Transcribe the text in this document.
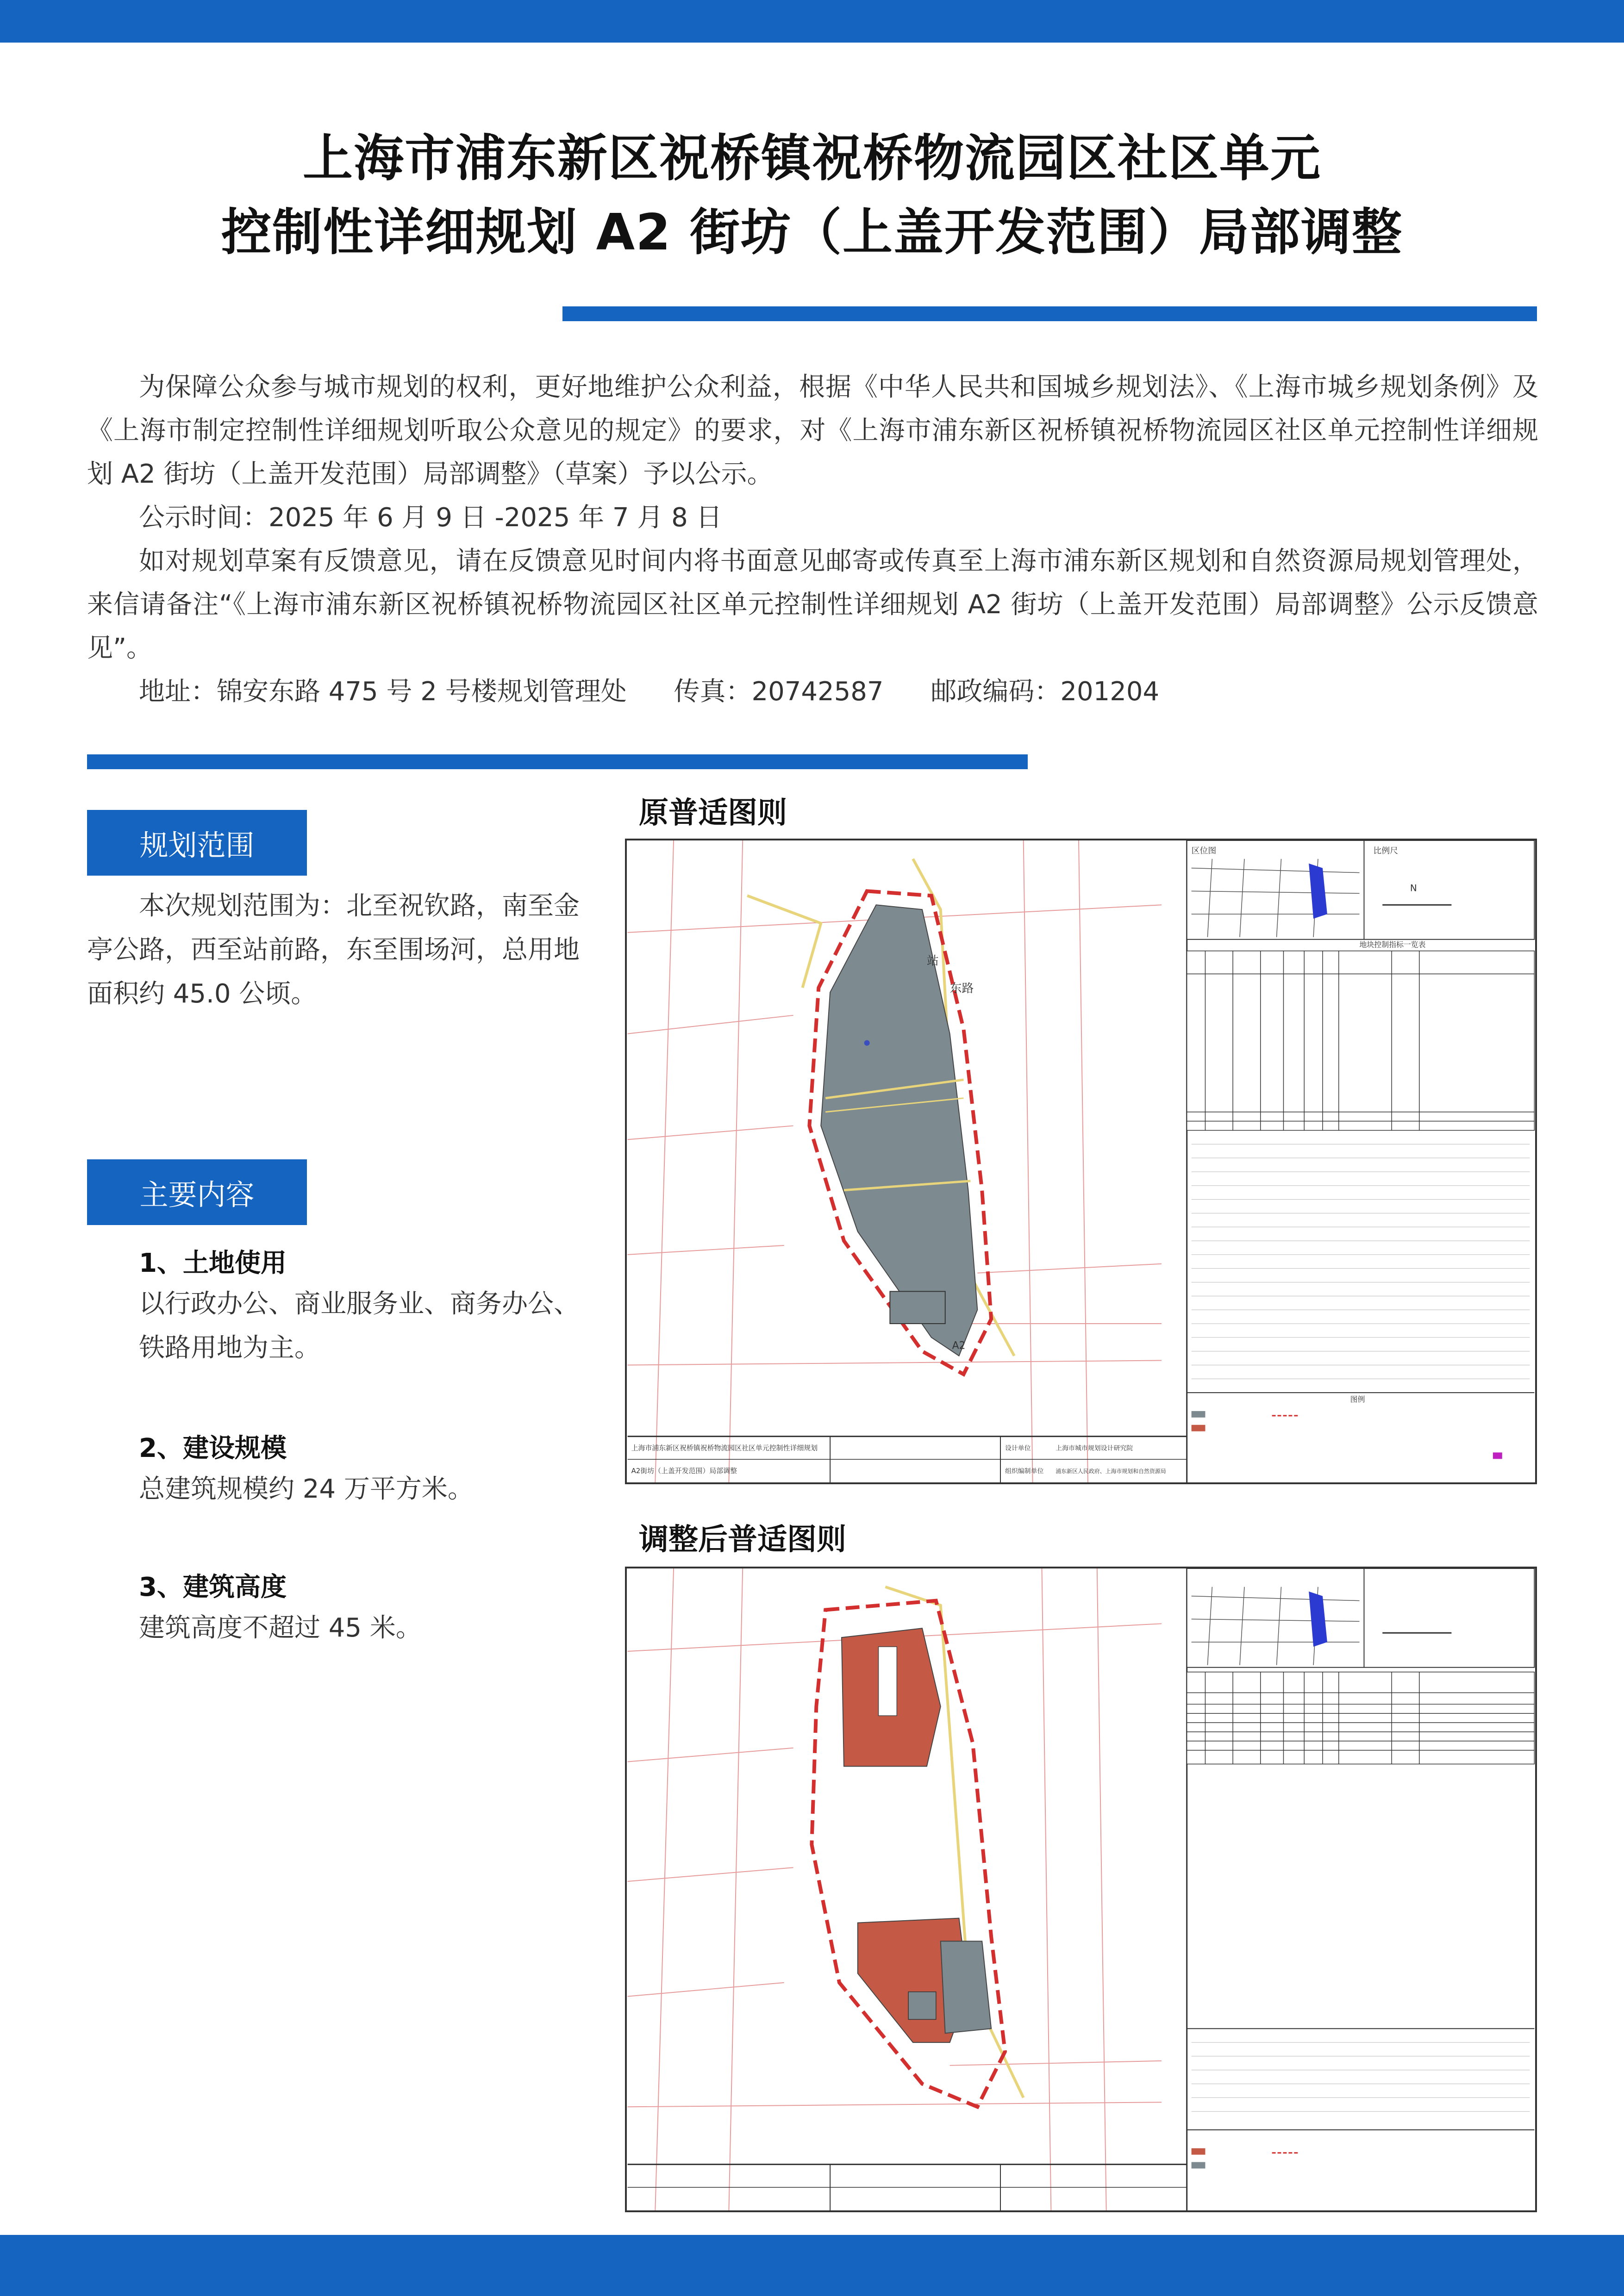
上海市浦东新区祝桥镇祝桥物流园区社区单元
控制性详细规划 A2 街坊（上盖开发范围）局部调整

为保障公众参与城市规划的权利，更好地维护公众利益，根据《中华人民共和国城乡规划法》、《上海市城乡规划条例》及《上海市制定控制性详细规划听取公众意见的规定》的要求，对《上海市浦东新区祝桥镇祝桥物流园区社区单元控制性详细规划 A2 街坊（上盖开发范围）局部调整》（草案）予以公示。

公示时间：2025 年 6 月 9 日 -2025 年 7 月 8 日

如对规划草案有反馈意见，请在反馈意见时间内将书面意见邮寄或传真至上海市浦东新区规划和自然资源局规划管理处，来信请备注“《上海市浦东新区祝桥镇祝桥物流园区社区单元控制性详细规划 A2 街坊（上盖开发范围）局部调整》公示反馈意见”。

地址：锦安东路 475 号 2 号楼规划管理处 传真：20742587 邮政编码：201204

规划范围

本次规划范围为：北至祝钦路，南至金亭公路，西至站前路，东至围场河，总用地面积约 45.0 公顷。

主要内容
1、土地使用

以行政办公、商业服务业、商务办公、铁路用地为主。

2、建设规模

总建筑规模约 24 万平方米。

3、建筑高度

建筑高度不超过 45 米。

原普适图则
站
东路
A2
区位图	比例尺
N
地块控制指标一览表
图例
上海市浦东新区祝桥镇祝桥物流园区社区单元控制性详细规划
A2街坊（上盖开发范围）局部调整
设计单位
组织编制单位
上海市城市规划设计研究院
浦东新区人民政府、上海市规划和自然资源局
调整后普适图则
